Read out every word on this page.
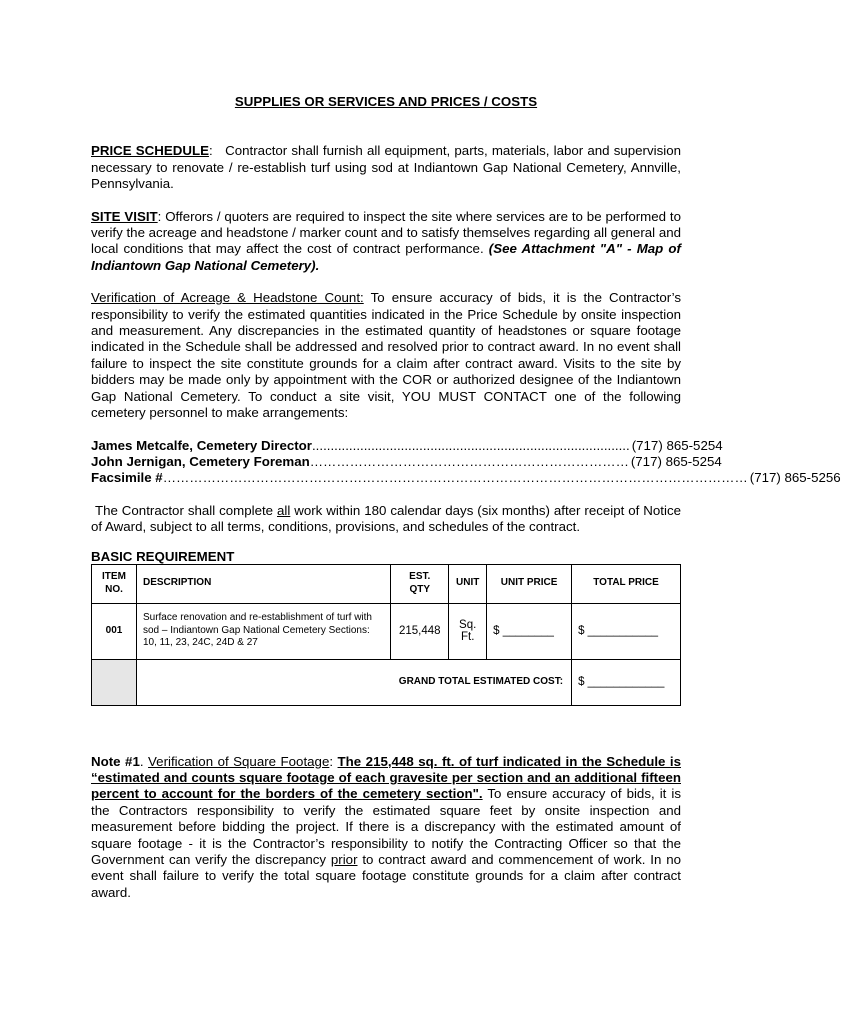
SUPPLIES OR SERVICES AND PRICES / COSTS

PRICE SCHEDULE: Contractor shall furnish all equipment, parts, materials, labor and supervision necessary to renovate / re-establish turf using sod at Indiantown Gap National Cemetery, Annville, Pennsylvania.

SITE VISIT: Offerors / quoters are required to inspect the site where services are to be performed to verify the acreage and headstone / marker count and to satisfy themselves regarding all general and local conditions that may affect the cost of contract performance. (See Attachment "A" - Map of Indiantown Gap National Cemetery).

Verification of Acreage & Headstone Count: To ensure accuracy of bids, it is the Contractor’s responsibility to verify the estimated quantities indicated in the Price Schedule by onsite inspection and measurement. Any discrepancies in the estimated quantity of headstones or square footage indicated in the Schedule shall be addressed and resolved prior to contract award. In no event shall failure to inspect the site constitute grounds for a claim after contract award. Visits to the site by bidders may be made only by appointment with the COR or authorized designee of the Indiantown Gap National Cemetery. To conduct a site visit, YOU MUST CONTACT one of the following cemetery personnel to make arrangements:

James Metcalfe, Cemetery Director ...................................................................................... (717) 865-5254
John Jernigan, Cemetery Foreman ……………………………………………………………… (717) 865-5254
Facsimile # …………………………………………………………………………………………………………………… (717) 865-5256

The Contractor shall complete all work within 180 calendar days (six months) after receipt of Notice of Award, subject to all terms, conditions, provisions, and schedules of the contract.

BASIC REQUIREMENT
ITEM NO.	DESCRIPTION	EST. QTY	UNIT	UNIT PRICE	TOTAL PRICE
001	Surface renovation and re-establishment of turf with sod – Indiantown Gap National Cemetery Sections: 10, 11, 23, 24C, 24D & 27	215,448	Sq. Ft.	$ ________	$ ___________
	GRAND TOTAL ESTIMATED COST:				$ ____________

Note #1. Verification of Square Footage: The 215,448 sq. ft. of turf indicated in the Schedule is “estimated and counts square footage of each gravesite per section and an additional fifteen percent to account for the borders of the cemetery section". To ensure accuracy of bids, it is the Contractors responsibility to verify the estimated square feet by onsite inspection and measurement before bidding the project. If there is a discrepancy with the estimated amount of square footage - it is the Contractor’s responsibility to notify the Contracting Officer so that the Government can verify the discrepancy prior to contract award and commencement of work. In no event shall failure to verify the total square footage constitute grounds for a claim after contract award.
